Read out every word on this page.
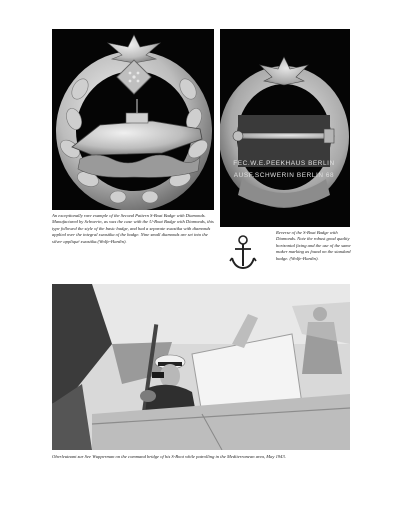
FEC.W.E.PEEKHAUS BERLIN
AUSF.SCHWERIN BERLIN 68

An exceptionally rare example of the Second Pattern S-Boat Badge with Diamonds. Manufactured by Schwerin, as was the case with the U-Boat Badge with Diamonds, this type followed the style of the basic badge, and had a separate swastika with diamonds applied over the integral swastika of the badge. Nine small diamonds are set into the silver appliqué swastika.(Wolfe-Hardin).

Reverse of the S-Boat Badge with Diamonds. Note the robust good quality horizontal fixing and the use of the same maker marking as found on the standard badge. (Wolfe-Hardin).

Oberleutnant zur See Wupperman on the command bridge of his S-Boot while patrolling in the Mediterranean area, May 1943.
